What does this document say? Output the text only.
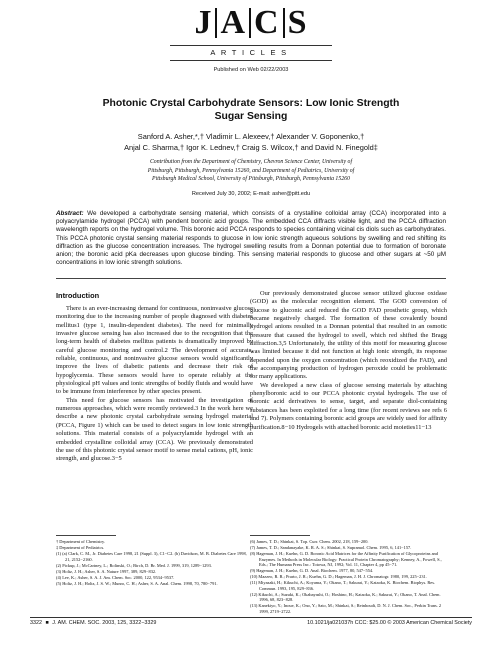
J A C S
ARTICLES
Published on Web 02/22/2003
Photonic Crystal Carbohydrate Sensors: Low Ionic Strength
Sugar Sensing
Sanford A. Asher,*,† Vladimir L. Alexeev,† Alexander V. Goponenko,†
Anjal C. Sharma,† Igor K. Lednev,† Craig S. Wilcox,† and David N. Finegold‡
Contribution from the Department of Chemistry, Chevron Science Center, University of
Pittsburgh, Pittsburgh, Pennsylvania 15260, and Department of Pediatrics, University of
Pittsburgh Medical School, University of Pittsburgh, Pittsburgh, Pennsylvania 15260
Received July 30, 2002; E-mail: asher@pitt.edu
Abstract: We developed a carbohydrate sensing material, which consists of a crystalline colloidal array (CCA) incorporated into a polyacrylamide hydrogel (PCCA) with pendent boronic acid groups. The embedded CCA diffracts visible light, and the PCCA diffraction wavelength reports on the hydrogel volume. This boronic acid PCCA responds to species containing vicinal cis diols such as carbohydrates. This PCCA photonic crystal sensing material responds to glucose in low ionic strength aqueous solutions by swelling and red shifting its diffraction as the glucose concentration increases. The hydrogel swelling results from a Donnan potential due to formation of boronate anion; the boronic acid pKa decreases upon glucose binding. This sensing material responds to glucose and other sugars at ~50 μM concentrations in low ionic strength solutions.
Introduction

There is an ever-increasing demand for continuous, noninvasive glucose monitoring due to the increasing number of people diagnosed with diabetes mellitus1 (type 1, insulin-dependent diabetes). The need for minimally invasive glucose sensing has also increased due to the recognition that the long-term health of diabetes mellitus patients is dramatically improved by careful glucose monitoring and control.2 The development of accurate, reliable, continuous, and noninvasive glucose sensors would significantly improve the lives of diabetic patients and decrease their risk of hypoglycemia. These sensors would have to operate reliably at the physiological pH values and ionic strengths of bodily fluids and would have to be immune from interference by other species present.

This need for glucose sensors has motivated the investigation of numerous approaches, which were recently reviewed.3 In the work here we describe a new photonic crystal carbohydrate sensing hydrogel material (PCCA, Figure 1) which can be used to detect sugars in low ionic strength solutions. This material consists of a polyacrylamide hydrogel with an embedded crystalline colloidal array (CCA). We previously demonstrated the use of this photonic crystal sensor motif to sense metal cations, pH, ionic strength, and glucose.3−5

Our previously demonstrated glucose sensor utilized glucose oxidase (GOD) as the molecular recognition element. The GOD conversion of glucose to gluconic acid reduced the GOD FAD prosthetic group, which became negatively charged. The formation of these covalently bound hydrogel anions resulted in a Donnan potential that resulted in an osmotic pressure that caused the hydrogel to swell, which red shifted the Bragg diffraction.3,5 Unfortunately, the utility of this motif for measuring glucose was limited because it did not function at high ionic strength, its response depended upon the oxygen concentration (which reoxidized the FAD), and the accompanying production of hydrogen peroxide could be problematic for many applications.

We developed a new class of glucose sensing materials by attaching phenylboronic acid to our PCCA photonic crystal hydrogels. The use of boronic acid derivatives to sense, target, and separate diol-containing substances has been exploited for a long time (for recent reviews see refs 6 and 7). Polymers containing boronic acid groups are widely used for affinity purification.8−10 Hydrogels with attached boronic acid moieties11−13

† Department of Chemistry.

‡ Department of Pediatrics.

(1) (a) Clark, C. M., Jr. Diabetes Care 1998, 21 (Suppl. 3), C1−C2. (b) Davidson, M. B. Diabetes Care 1998, 21, 2152−2160.

(2) Pickup, J.; McCartney, L.; Rolinski, O.; Birch, D. Br. Med. J. 1999, 319, 1289−1293.

(3) Holtz, J. H.; Asher, S. A. Nature 1997, 389, 829−832.

(4) Lee, K.; Asher, S. A. J. Am. Chem. Soc. 2000, 122, 9534−9537.

(5) Holtz, J. H.; Holtz, J. S. W.; Munro, C. H.; Asher, S. A. Anal. Chem. 1998, 70, 780−791.

(6) James, T. D.; Shinkai, S. Top. Curr. Chem. 2002, 218, 159−200.

(7) James, T. D.; Sandanayake, K. R. A. S.; Shinkai, S. Supramol. Chem. 1995, 6, 141−157.

(8) Hageman, J. H.; Kuehn, G. D. Boronic Acid Matrices for the Affinity Purification of Glycoproteins and Enzymes. In Methods in Molecular Biology: Practical Protein Chromatography; Kenney, A., Fowell, S., Eds.; The Humana Press Inc.: Totowa, NJ, 1992; Vol. 11, Chapter 4, pp 45−71.

(9) Hageman, J. H.; Kuehn, G. D. Anal. Biochem. 1977, 80, 547−554.

(10) Mazzeo, R. R.; Prarto, J. R.; Kuehn, G. D.; Hageman, J. H. J. Chromatogr. 1980, 199, 225−231.

(11) Miyazaki, H.; Kikuchi, A.; Koyama, Y.; Okano, T.; Sakurai, Y.; Kataoka, K. Biochem. Biophys. Res. Commun. 1993, 195, 829−836.

(12) Kikuchi, A.; Suzuki, K.; Okabayashi, O.; Hoshino, H.; Kataoka, K.; Sakurai, Y.; Okano, T. Anal. Chem. 1996, 68, 823−828.

(13) Kanekiyo, Y.; Inoue, K.; Ono, Y.; Sato, M.; Shinkai, S.; Reinhoudt, D. N. J. Chem. Soc., Perkin Trans. 2 1999, 2719−2722.

3322 ■ J. AM. CHEM. SOC. 2003, 125, 3322−3329	10.1021/ja021037h CCC: $25.00 © 2003 American Chemical Society
